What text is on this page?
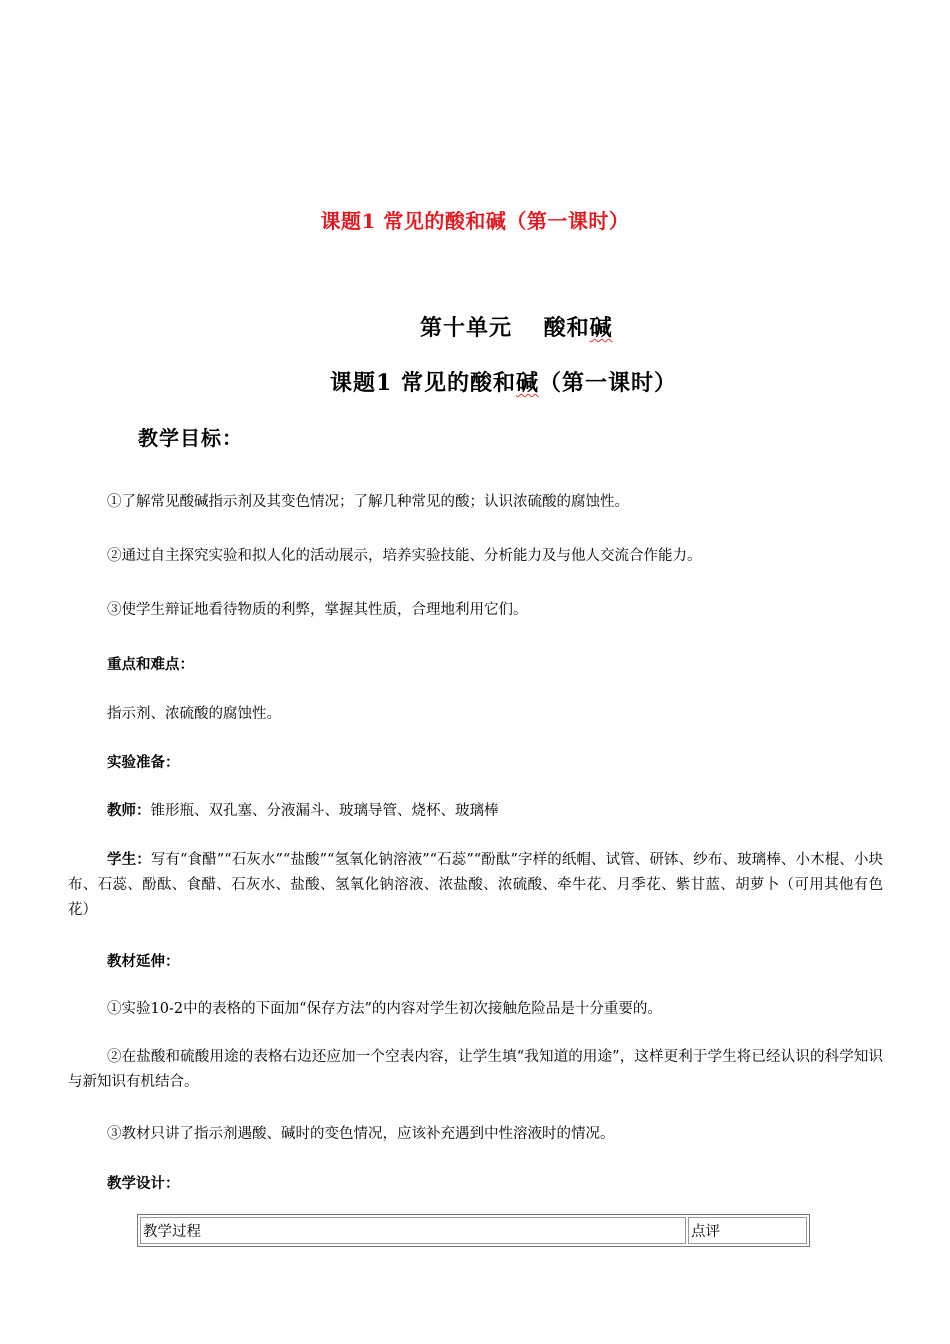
课题1 常见的酸和碱（第一课时）
第十单元　 酸和碱
课题1 常见的酸和碱（第一课时）
教学目标：
①了解常见酸碱指示剂及其变色情况；了解几种常见的酸；认识浓硫酸的腐蚀性。
②通过自主探究实验和拟人化的活动展示，培养实验技能、分析能力及与他人交流合作能力。
③使学生辩证地看待物质的利弊，掌握其性质，合理地利用它们。
重点和难点：
指示剂、浓硫酸的腐蚀性。
实验准备：
教师：锥形瓶、双孔塞、分液漏斗、玻璃导管、烧杯、玻璃棒
学生：写有“食醋”“石灰水”“盐酸”“氢氧化钠溶液”“石蕊”“酚酞”字样的纸帽、试管、研钵、纱布、玻璃棒、小木棍、小块布、石蕊、酚酞、食醋、石灰水、盐酸、氢氧化钠溶液、浓盐酸、浓硫酸、牵牛花、月季花、紫甘蓝、胡萝卜（可用其他有色花）
教材延伸：
①实验10-2中的表格的下面加“保存方法”的内容对学生初次接触危险品是十分重要的。
②在盐酸和硫酸用途的表格右边还应加一个空表内容，让学生填“我知道的用途”，这样更利于学生将已经认识的科学知识与新知识有机结合。
③教材只讲了指示剂遇酸、碱时的变色情况，应该补充遇到中性溶液时的情况。
教学设计：
教学过程	点评
